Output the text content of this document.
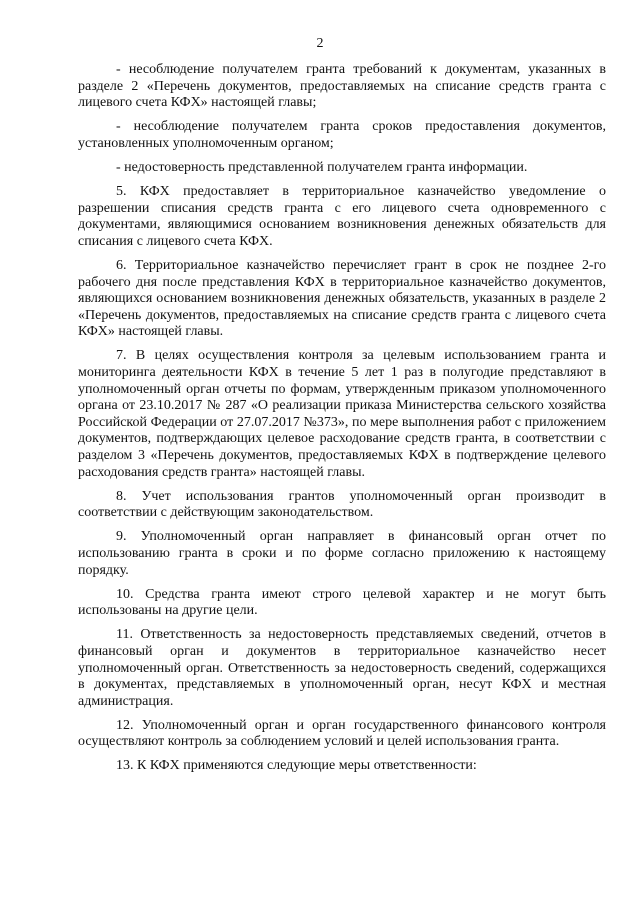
2

- несоблюдение получателем гранта требований к документам, указанных в разделе 2 «Перечень документов, предоставляемых на списание средств гранта с лицевого счета КФХ» настоящей главы;

- несоблюдение получателем гранта сроков предоставления документов, установленных уполномоченным органом;

- недостоверность представленной получателем гранта информации.

5. КФХ предоставляет в территориальное казначейство уведомление о разрешении списания средств гранта с его лицевого счета одновременного с документами, являющимися основанием возникновения денежных обязательств для списания с лицевого счета КФХ.

6. Территориальное казначейство перечисляет грант в срок не позднее 2-го рабочего дня после представления КФХ в территориальное казначейство документов, являющихся основанием возникновения денежных обязательств, указанных в разделе 2 «Перечень документов, предоставляемых на списание средств гранта с лицевого счета КФХ» настоящей главы.

7. В целях осуществления контроля за целевым использованием гранта и мониторинга деятельности КФХ в течение 5 лет 1 раз в полугодие представляют в уполномоченный орган отчеты по формам, утвержденным приказом уполномоченного органа от 23.10.2017 № 287 «О реализации приказа Министерства сельского хозяйства Российской Федерации от 27.07.2017 №373», по мере выполнения работ с приложением документов, подтверждающих целевое расходование средств гранта, в соответствии с разделом 3 «Перечень документов, предоставляемых КФХ в подтверждение целевого расходования средств гранта» настоящей главы.

8. Учет использования грантов уполномоченный орган производит в соответствии с действующим законодательством.

9. Уполномоченный орган направляет в финансовый орган отчет по использованию гранта в сроки и по форме согласно приложению к настоящему порядку.

10. Средства гранта имеют строго целевой характер и не могут быть использованы на другие цели.

11. Ответственность за недостоверность представляемых сведений, отчетов в финансовый орган и документов в территориальное казначейство несет уполномоченный орган. Ответственность за недостоверность сведений, содержащихся в документах, представляемых в уполномоченный орган, несут КФХ и местная администрация.

12. Уполномоченный орган и орган государственного финансового контроля осуществляют контроль за соблюдением условий и целей использования гранта.

13. К КФХ применяются следующие меры ответственности:
